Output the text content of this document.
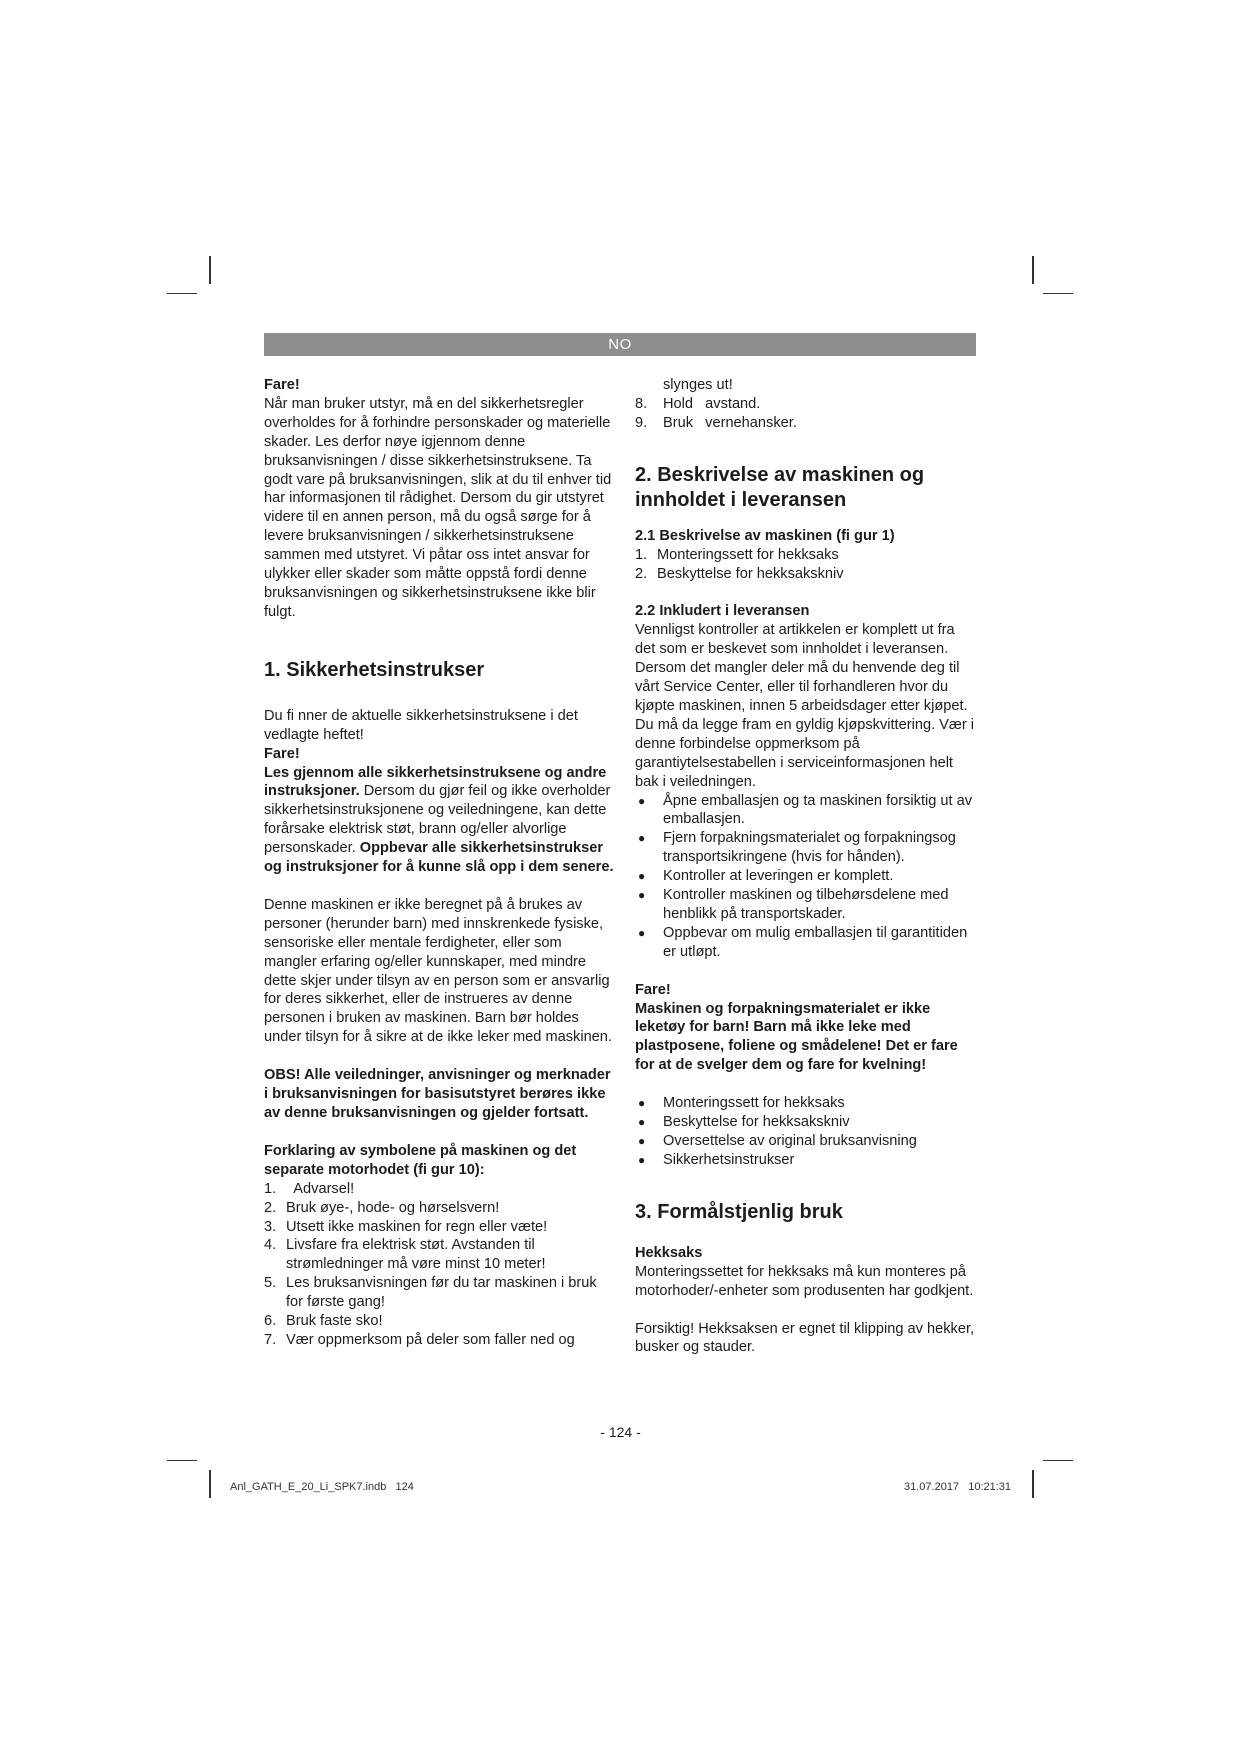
NO

Fare!

Når man bruker utstyr, må en del sikkerhetsregler overholdes for å forhindre personskader og materielle skader. Les derfor nøye igjennom denne bruksanvisningen / disse sikkerhetsinstruksene. Ta godt vare på bruksanvisningen, slik at du til enhver tid har informasjonen til rådighet. Dersom du gir utstyret videre til en annen person, må du også sørge for å levere bruksanvisningen / sikkerhetsinstruksene sammen med utstyret. Vi påtar oss intet ansvar for ulykker eller skader som måtte oppstå fordi denne bruksanvisningen og sikkerhetsinstruksene ikke blir fulgt.

1. Sikkerhetsinstrukser

Du fi nner de aktuelle sikkerhetsinstruksene i det vedlagte heftet!

Fare!

Les gjennom alle sikkerhetsinstruksene og andre instruksjoner. Dersom du gjør feil og ikke overholder sikkerhetsinstruksjonene og veiledningene, kan dette forårsake elektrisk støt, brann og/eller alvorlige personskader. Oppbevar alle sikkerhetsinstrukser og instruksjoner for å kunne slå opp i dem senere.

Denne maskinen er ikke beregnet på å brukes av personer (herunder barn) med innskrenkede fysiske, sensoriske eller mentale ferdigheter, eller som mangler erfaring og/eller kunnskaper, med mindre dette skjer under tilsyn av en person som er ansvarlig for deres sikkerhet, eller de instrueres av denne personen i bruken av maskinen. Barn bør holdes under tilsyn for å sikre at de ikke leker med maskinen.

OBS! Alle veiledninger, anvisninger og merknader i bruksanvisningen for basisutstyret berøres ikke av denne bruksanvisningen og gjelder fortsatt.

Forklaring av symbolene på maskinen og det separate motorhodet (fi gur 10):

1. Advarsel!
2. Bruk øye-, hode- og hørselsvern!
3. Utsett ikke maskinen for regn eller væte!
4. Livsfare fra elektrisk støt. Avstanden til strømledninger må vøre minst 10 meter!
5. Les bruksanvisningen før du tar maskinen i bruk for første gang!
6. Bruk faste sko!
7. Vær oppmerksom på deler som faller ned og

slynges ut!

8. Hold   avstand.
9. Bruk   vernehansker.
2. Beskrivelse av maskinen og innholdet i leveransen

2.1 Beskrivelse av maskinen (fi gur 1)

1. Monteringssett for hekksaks
2. Beskyttelse for hekksakskniv

2.2 Inkludert i leveransen

Vennligst kontroller at artikkelen er komplett ut fra det som er beskevet som innholdet i leveransen. Dersom det mangler deler må du henvende deg til vårt Service Center, eller til forhandleren hvor du kjøpte maskinen, innen 5 arbeidsdager etter kjøpet. Du må da legge fram en gyldig kjøpskvittering. Vær i denne forbindelse oppmerksom på garantiytelsestabellen i serviceinformasjonen helt bak i veiledningen.

● Åpne emballasjen og ta maskinen forsiktig ut av emballasjen.
● Fjern forpakningsmaterialet og forpakningsog transportsikringene (hvis for hånden).
● Kontroller at leveringen er komplett.
● Kontroller maskinen og tilbehørsdelene med henblikk på transportskader.
● Oppbevar om mulig emballasjen til garantitiden er utløpt.

Fare!

Maskinen og forpakningsmaterialet er ikke leketøy for barn! Barn må ikke leke med plastposene, foliene og smådelene! Det er fare for at de svelger dem og fare for kvelning!

● Monteringssett for hekksaks
● Beskyttelse for hekksakskniv
● Oversettelse av original bruksanvisning
● Sikkerhetsinstrukser
3. Formålstjenlig bruk

Hekksaks

Monteringssettet for hekksaks må kun monteres på motorhoder/-enheter som produsenten har godkjent.

Forsiktig! Hekksaksen er egnet til klipping av hekker, busker og stauder.

- 124 -
Anl_GATH_E_20_Li_SPK7.indb   124	31.07.2017   10:21:31
